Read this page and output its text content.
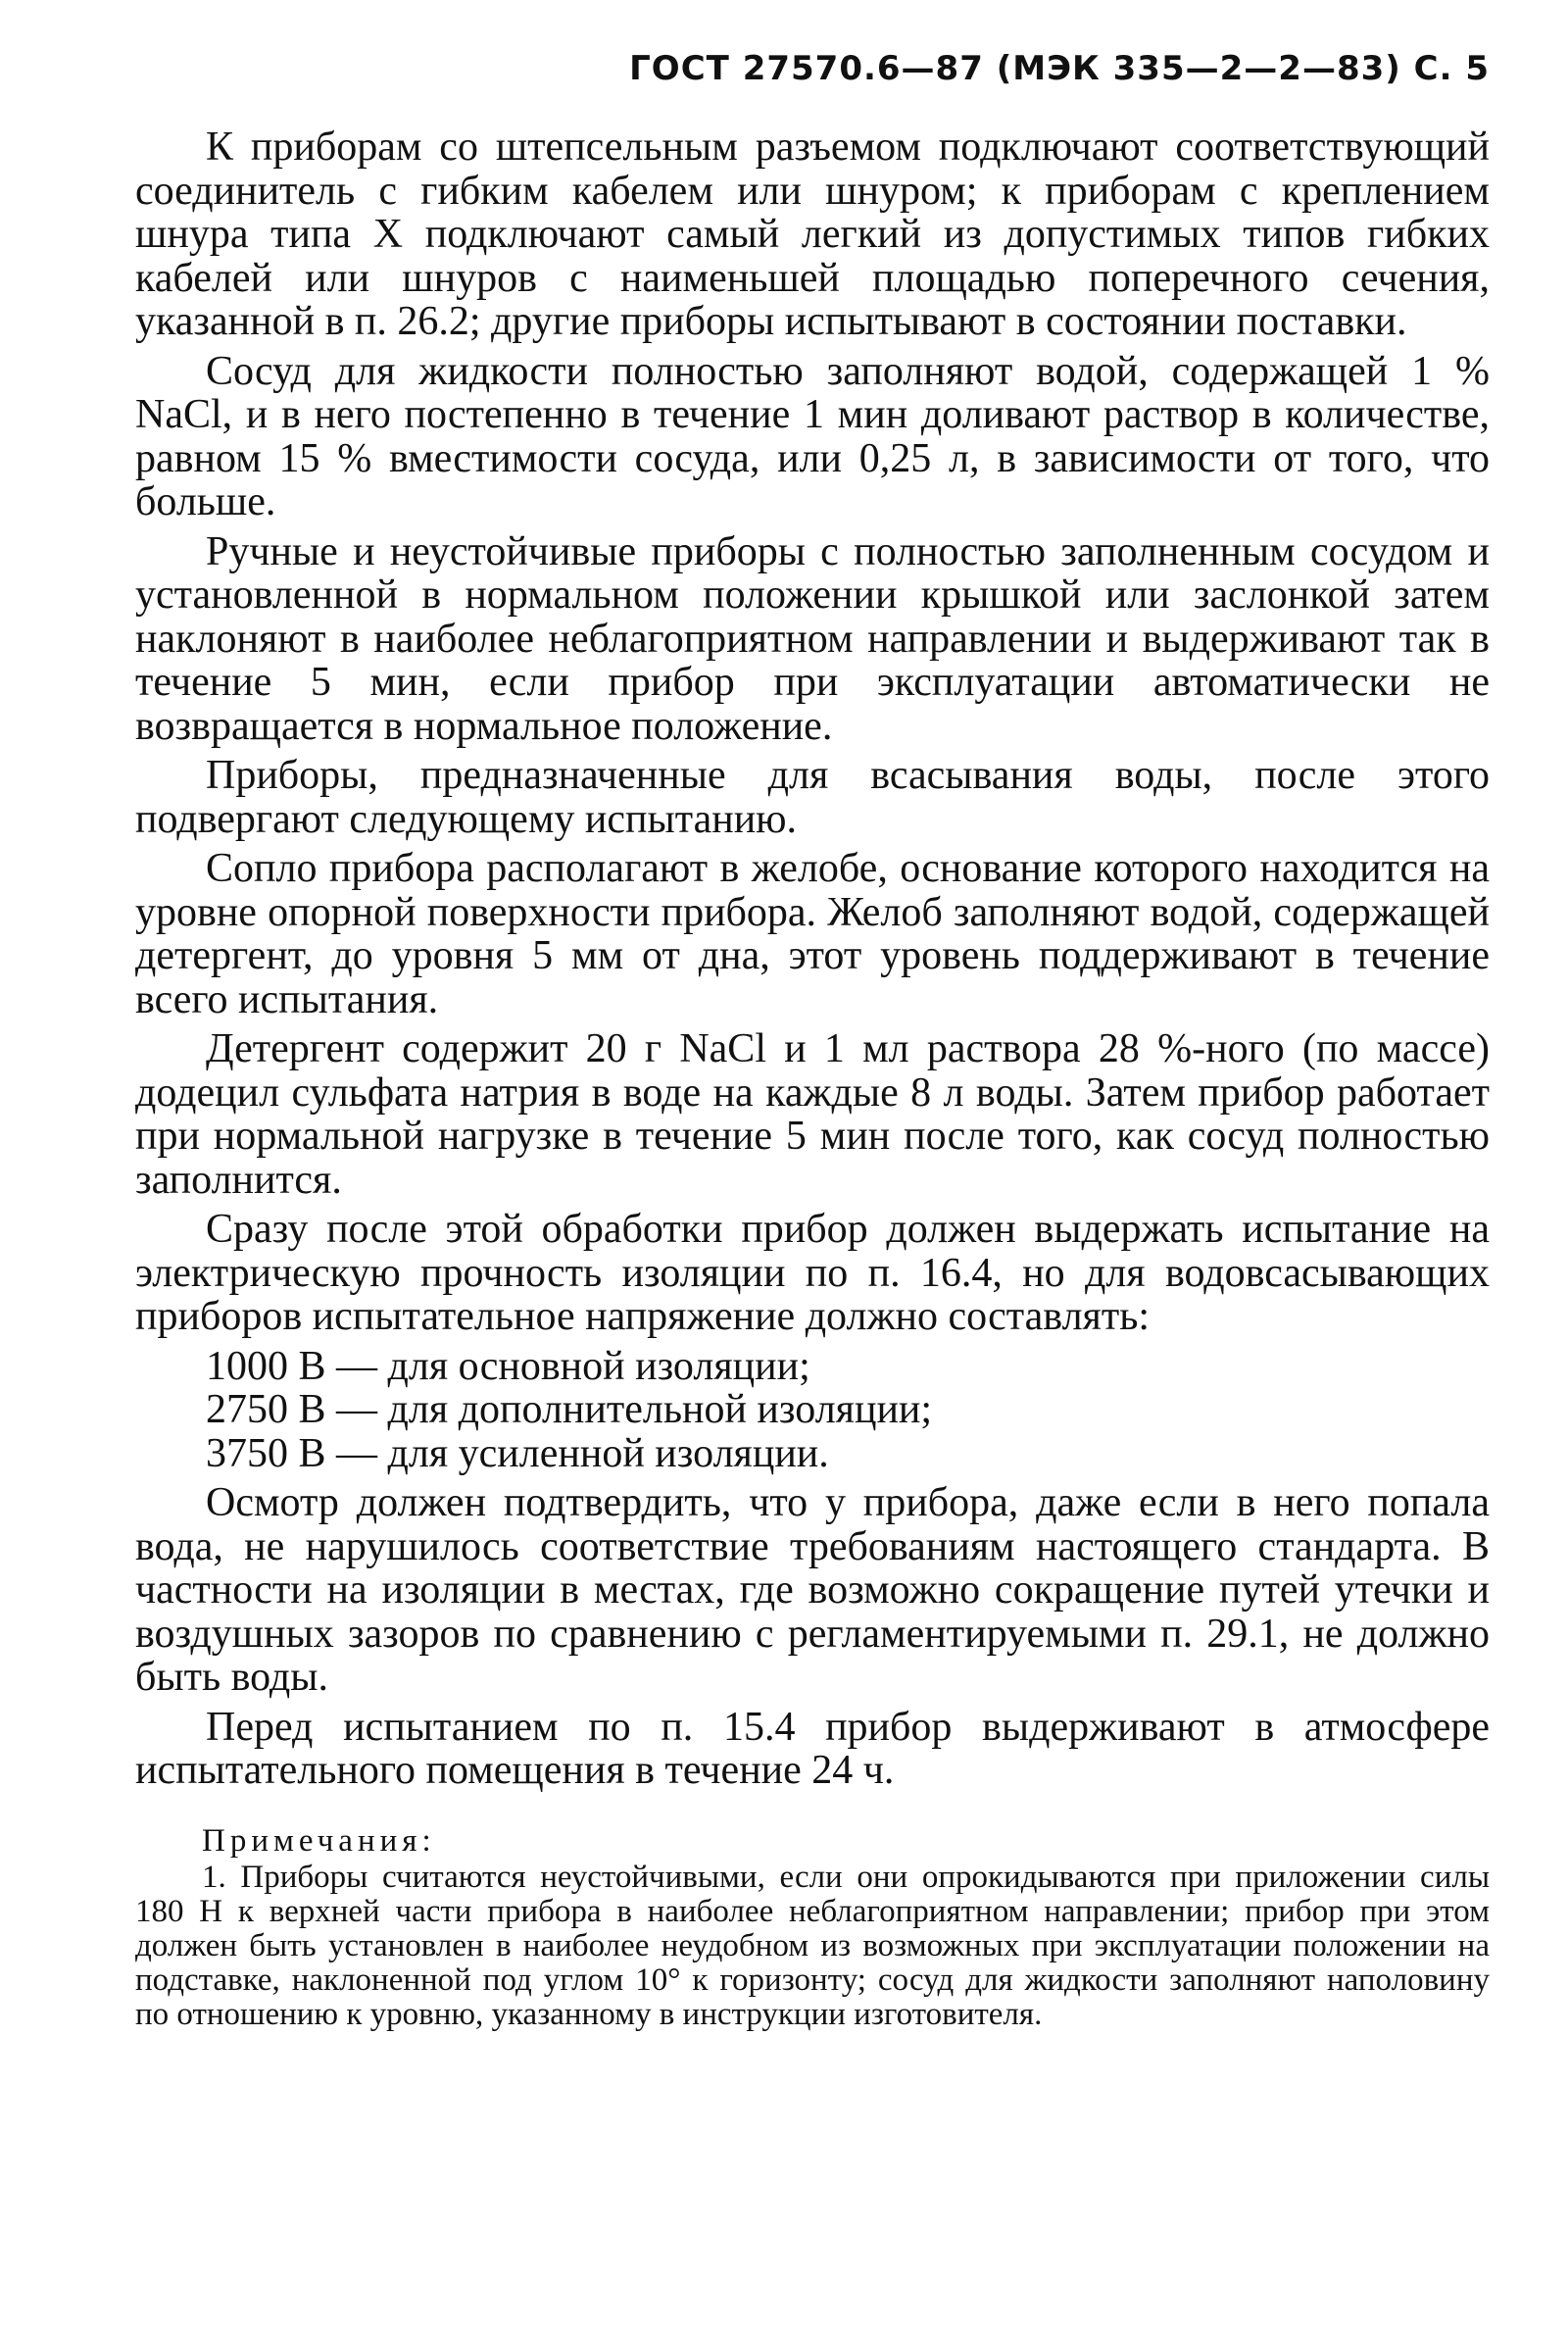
ГОСТ 27570.6—87 (МЭК 335—2—2—83) С. 5

К приборам со штепсельным разъемом подключают соответствующий соединитель с гибким кабелем или шнуром; к приборам с креплением шнура типа X подключают самый легкий из допустимых типов гибких кабелей или шнуров с наименьшей площадью поперечного сечения, указанной в п. 26.2; другие приборы испытывают в состоянии поставки.

Сосуд для жидкости полностью заполняют водой, содержащей 1 % NaCl, и в него постепенно в течение 1 мин доливают раствор в количестве, равном 15 % вместимости сосуда, или 0,25 л, в зависимости от того, что больше.

Ручные и неустойчивые приборы с полностью заполненным сосудом и установленной в нормальном положении крышкой или заслонкой затем наклоняют в наиболее неблагоприятном направлении и выдерживают так в течение 5 мин, если прибор при эксплуатации автоматически не возвращается в нормальное положение.

Приборы, предназначенные для всасывания воды, после этого подвергают следующему испытанию.

Сопло прибора располагают в желобе, основание которого находится на уровне опорной поверхности прибора. Желоб заполняют водой, содержащей детергент, до уровня 5 мм от дна, этот уровень поддерживают в течение всего испытания.

Детергент содержит 20 г NaCl и 1 мл раствора 28 %-ного (по массе) додецил сульфата натрия в воде на каждые 8 л воды. Затем прибор работает при нормальной нагрузке в течение 5 мин после того, как сосуд полностью заполнится.

Сразу после этой обработки прибор должен выдержать испытание на электрическую прочность изоляции по п. 16.4, но для водовсасывающих приборов испытательное напряжение должно составлять:

1000 В — для основной изоляции;

2750 В — для дополнительной изоляции;

3750 В — для усиленной изоляции.

Осмотр должен подтвердить, что у прибора, даже если в него попала вода, не нарушилось соответствие требованиям настоящего стандарта. В частности на изоляции в местах, где возможно сокращение путей утечки и воздушных зазоров по сравнению с регламентируемыми п. 29.1, не должно быть воды.

Перед испытанием по п. 15.4 прибор выдерживают в атмосфере испытательного помещения в течение 24 ч.

Примечания:
1. Приборы считаются неустойчивыми, если они опрокидываются при приложении силы 180 Н к верхней части прибора в наиболее неблагоприятном направлении; прибор при этом должен быть установлен в наиболее неудобном из возможных при эксплуатации положении на подставке, наклоненной под углом 10° к горизонту; сосуд для жидкости заполняют наполовину по отношению к уровню, указанному в инструкции изготовителя.
